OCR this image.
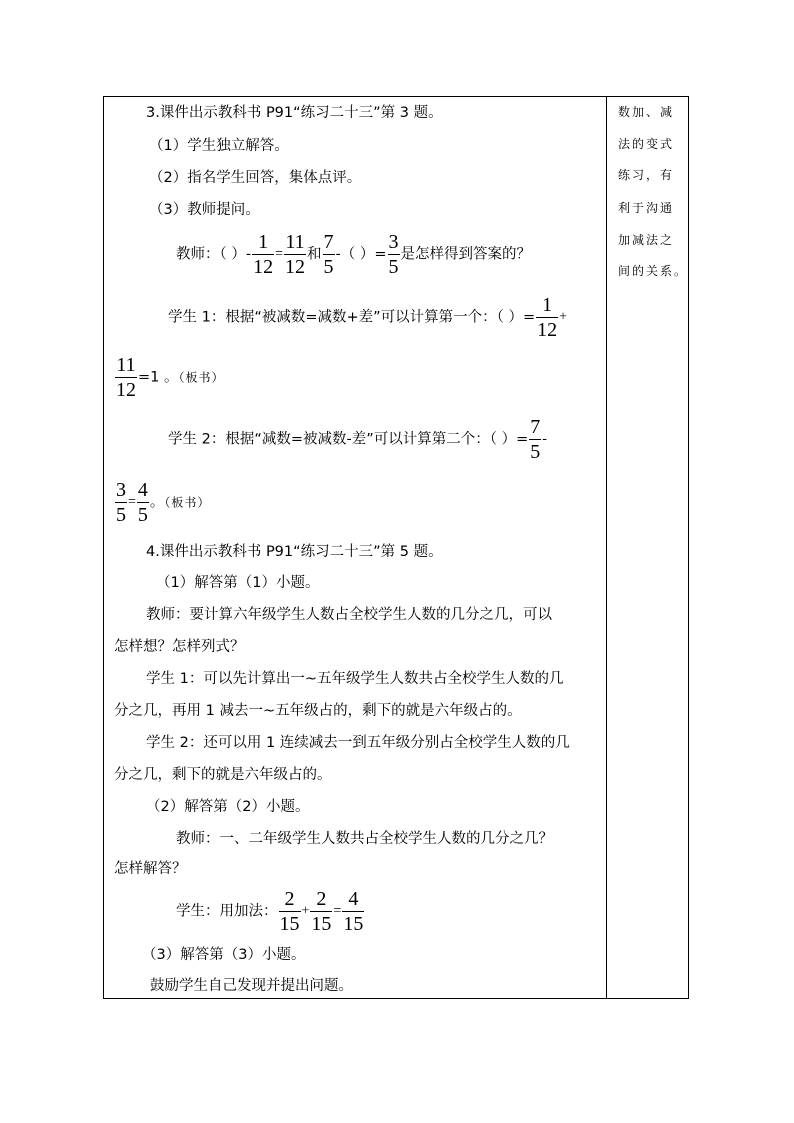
3.课件出示教科书 P91“练习二十三”第 3 题。
（1）学生独立解答。
（2）指名学生回答，集体点评。
（3）教师提问。
教师：（ ）- $\frac{1}{12} = \frac{11}{12}$ 和 $\frac{7}{5}$ -（ ）= $\frac{3}{5}$ 是怎样得到答案的？
学生 1：根据“被减数=减数+差”可以计算第一个：（ ）= $\frac{1}{12}$ +
$\frac{11}{12} =1$ 。（板书）
学生 2：根据“减数=被减数-差”可以计算第二个：（ ）= $\frac{7}{5}$ -
$\frac{3}{5} = \frac{4}{5}$ 。（板书）
4.课件出示教科书 P91“练习二十三”第 5 题。
（1）解答第（1）小题。
教师：要计算六年级学生人数占全校学生人数的几分之几，可以
怎样想？怎样列式？
学生 1：可以先计算出一~五年级学生人数共占全校学生人数的几
分之几，再用 1 减去一~五年级占的，剩下的就是六年级占的。
学生 2：还可以用 1 连续减去一到五年级分别占全校学生人数的几
分之几，剩下的就是六年级占的。
（2）解答第（2）小题。
教师：一、二年级学生人数共占全校学生人数的几分之几？
怎样解答？
学生：用加法： $\frac{2}{15} + \frac{2}{15} = \frac{4}{15}$
（3）解答第（3）小题。
鼓励学生自己发现并提出问题。
数加、减
法的变式
练习，有
利于沟通
加减法之
间的关系。
